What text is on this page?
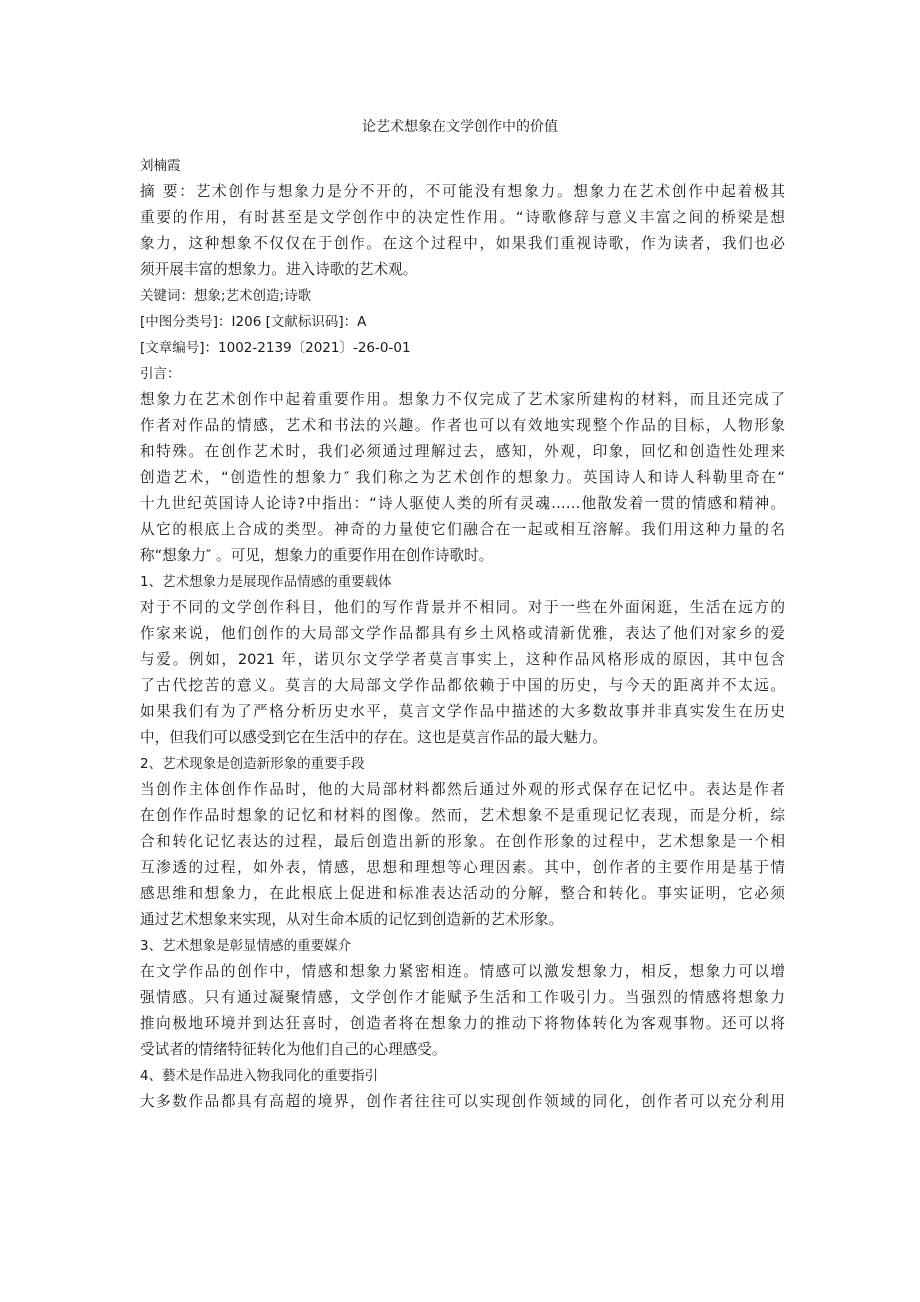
论艺术想象在文学创作中的价值
刘楠霞
摘 要：艺术创作与想象力是分不开的，不可能没有想象力。想象力在艺术创作中起着极其
重要的作用，有时甚至是文学创作中的决定性作用。“诗歌修辞与意义丰富之间的桥梁是想
象力，这种想象不仅仅在于创作。在这个过程中，如果我们重视诗歌，作为读者，我们也必
须开展丰富的想象力。进入诗歌的艺术观。
关键词：想象;艺术创造;诗歌
[中图分类号]：I206 [文献标识码]：A
[文章编号]：1002-2139〔2021〕-26-0-01
引言：
想象力在艺术创作中起着重要作用。想象力不仅完成了艺术家所建构的材料，而且还完成了
作者对作品的情感，艺术和书法的兴趣。作者也可以有效地实现整个作品的目标，人物形象
和特殊。在创作艺术时，我们必须通过理解过去，感知，外观，印象，回忆和创造性处理来
创造艺术，“创造性的想象力″ 我们称之为艺术创作的想象力。英国诗人和诗人科勒里奇在“
十九世纪英国诗人论诗?中指出：“诗人驱使人类的所有灵魂……他散发着一贯的情感和精神。
从它的根底上合成的类型。神奇的力量使它们融合在一起或相互溶解。我们用这种力量的名
称“想象力″ 。可见，想象力的重要作用在创作诗歌时。
1、艺术想象力是展现作品情感的重要载体
对于不同的文学创作科目，他们的写作背景并不相同。对于一些在外面闲逛，生活在远方的
作家来说，他们创作的大局部文学作品都具有乡土风格或清新优雅，表达了他们对家乡的爱
与爱。例如，2021 年，诺贝尔文学学者莫言事实上，这种作品风格形成的原因，其中包含
了古代挖苦的意义。莫言的大局部文学作品都依赖于中国的历史，与今天的距离并不太远。
如果我们有为了严格分析历史水平，莫言文学作品中描述的大多数故事并非真实发生在历史
中，但我们可以感受到它在生活中的存在。这也是莫言作品的最大魅力。
2、艺术现象是创造新形象的重要手段
当创作主体创作作品时，他的大局部材料都然后通过外观的形式保存在记忆中。表达是作者
在创作作品时想象的记忆和材料的图像。然而，艺术想象不是重现记忆表现，而是分析，综
合和转化记忆表达的过程，最后创造出新的形象。在创作形象的过程中，艺术想象是一个相
互渗透的过程，如外表，情感，思想和理想等心理因素。其中，创作者的主要作用是基于情
感思维和想象力，在此根底上促进和标准表达活动的分解，整合和转化。事实证明，它必须
通过艺术想象来实现，从对生命本质的记忆到创造新的艺术形象。
3、艺术想象是彰显情感的重要媒介
在文学作品的创作中，情感和想象力紧密相连。情感可以激发想象力，相反，想象力可以增
强情感。只有通过凝聚情感，文学创作才能赋予生活和工作吸引力。当强烈的情感将想象力
推向极地环境并到达狂喜时，创造者将在想象力的推动下将物体转化为客观事物。还可以将
受试者的情绪特征转化为他们自己的心理感受。
4、藝术是作品进入物我同化的重要指引
大多数作品都具有高超的境界，创作者往往可以实现创作领域的同化，创作者可以充分利用
